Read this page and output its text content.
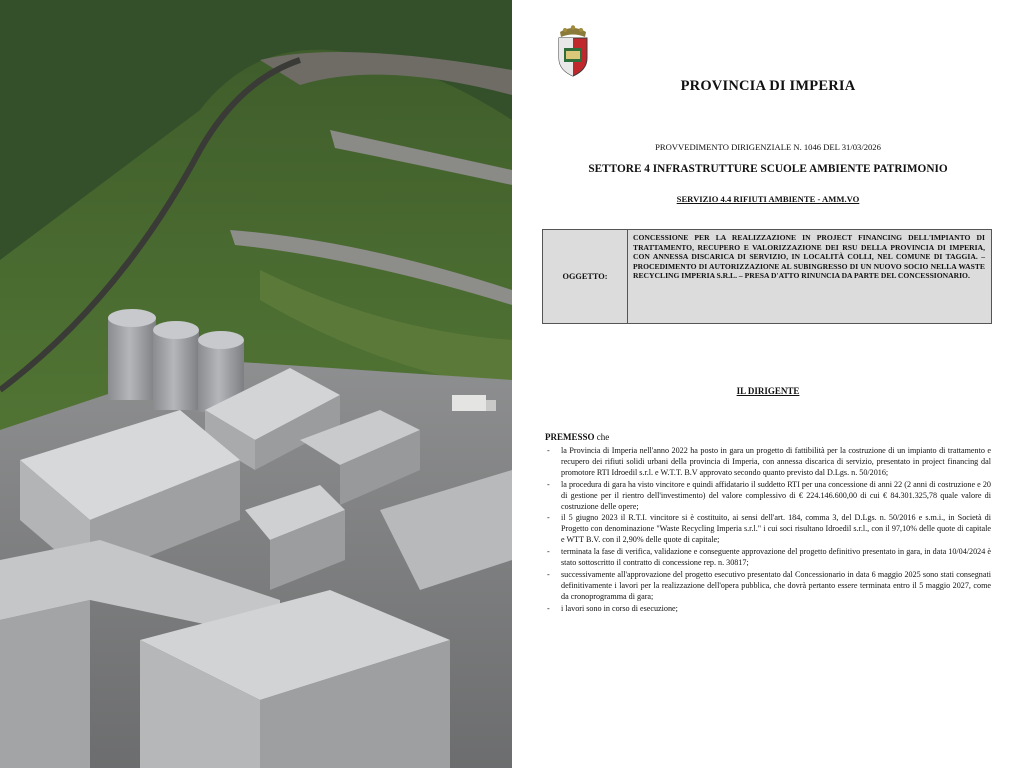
PROVINCIA DI IMPERIA
PROVVEDIMENTO DIRIGENZIALE N. 1046 DEL 31/03/2026
SETTORE 4 INFRASTRUTTURE SCUOLE AMBIENTE PATRIMONIO
SERVIZIO 4.4 RIFIUTI AMBIENTE - AMM.VO
OGGETTO:
CONCESSIONE PER LA REALIZZAZIONE IN PROJECT FINANCING DELL'IMPIANTO DI TRATTAMENTO, RECUPERO E VALORIZZAZIONE DEI RSU DELLA PROVINCIA DI IMPERIA, CON ANNESSA DISCARICA DI SERVIZIO, IN LOCALITÀ COLLI, NEL COMUNE DI TAGGIA. – PROCEDIMENTO DI AUTORIZZAZIONE AL SUBINGRESSO DI UN NUOVO SOCIO NELLA WASTE RECYCLING IMPERIA S.R.L. – PRESA D'ATTO RINUNCIA DA PARTE DEL CONCESSIONARIO.
IL DIRIGENTE
PREMESSO che
- la Provincia di Imperia nell'anno 2022 ha posto in gara un progetto di fattibilità per la costruzione di un impianto di trattamento e recupero dei rifiuti solidi urbani della provincia di Imperia, con annessa discarica di servizio, presentato in project financing dal promotore RTI Idroedil s.r.l. e W.T.T. B.V approvato secondo quanto previsto dal D.Lgs. n. 50/2016;
- la procedura di gara ha visto vincitore e quindi affidatario il suddetto RTI per una concessione di anni 22 (2 anni di costruzione e 20 di gestione per il rientro dell'investimento) del valore complessivo di € 224.146.600,00 di cui € 84.301.325,78 quale valore di costruzione delle opere;
- il 5 giugno 2023 il R.T.I. vincitore si è costituito, ai sensi dell'art. 184, comma 3, del D.Lgs. n. 50/2016 e s.m.i., in Società di Progetto con denominazione "Waste Recycling Imperia s.r.l." i cui soci risultano Idroedil s.r.l., con il 97,10% delle quote di capitale e WTT B.V. con il 2,90% delle quote di capitale;
- terminata la fase di verifica, validazione e conseguente approvazione del progetto definitivo presentato in gara, in data 10/04/2024 è stato sottoscritto il contratto di concessione rep. n. 30817;
- successivamente all'approvazione del progetto esecutivo presentato dal Concessionario in data 6 maggio 2025 sono stati consegnati definitivamente i lavori per la realizzazione dell'opera pubblica, che dovrà pertanto essere terminata entro il 5 maggio 2027, come da cronoprogramma di gara;
- i lavori sono in corso di esecuzione;
